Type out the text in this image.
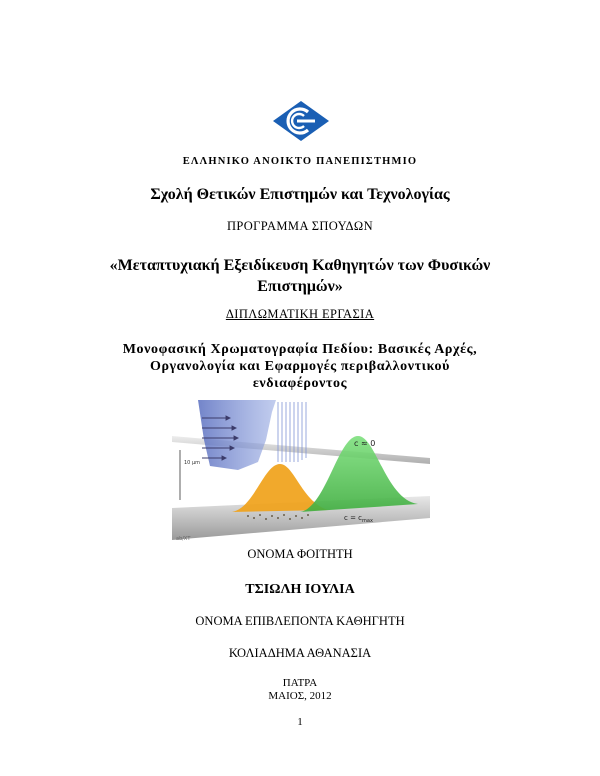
ΕΛΛΗΝΙΚΟ ΑΝΟΙΚΤΟ ΠΑΝΕΠΙΣΤΗΜΙΟ

Σχολή Θετικών Επιστημών και Τεχνολογίας

ΠΡΟΓΡΑΜΜΑ ΣΠΟΥΔΩΝ

«Μεταπτυχιακή Εξειδίκευση Καθηγητών των Φυσικών
Επιστημών»

ΔΙΠΛΩΜΑΤΙΚΗ ΕΡΓΑΣΙΑ

Μονοφασική Χρωματογραφία Πεδίου: Βασικές Αρχές,
Οργανολογία και Εφαρμογές περιβαλλοντικού
ενδιαφέροντος

10 μm
c ≈ 0
$c = c_{max}$
ab/ΧΤ

ΟΝΟΜΑ ΦΟΙΤΗΤΗ

ΤΣΙΩΛΗ ΙΟΥΛΙΑ

ΟΝΟΜΑ ΕΠΙΒΛΕΠΟΝΤΑ ΚΑΘΗΓΗΤΗ

ΚΟΛΙΑΔΗΜΑ ΑΘΑΝΑΣΙΑ

ΠΑΤΡΑ

ΜΑΙΟΣ, 2012

1
